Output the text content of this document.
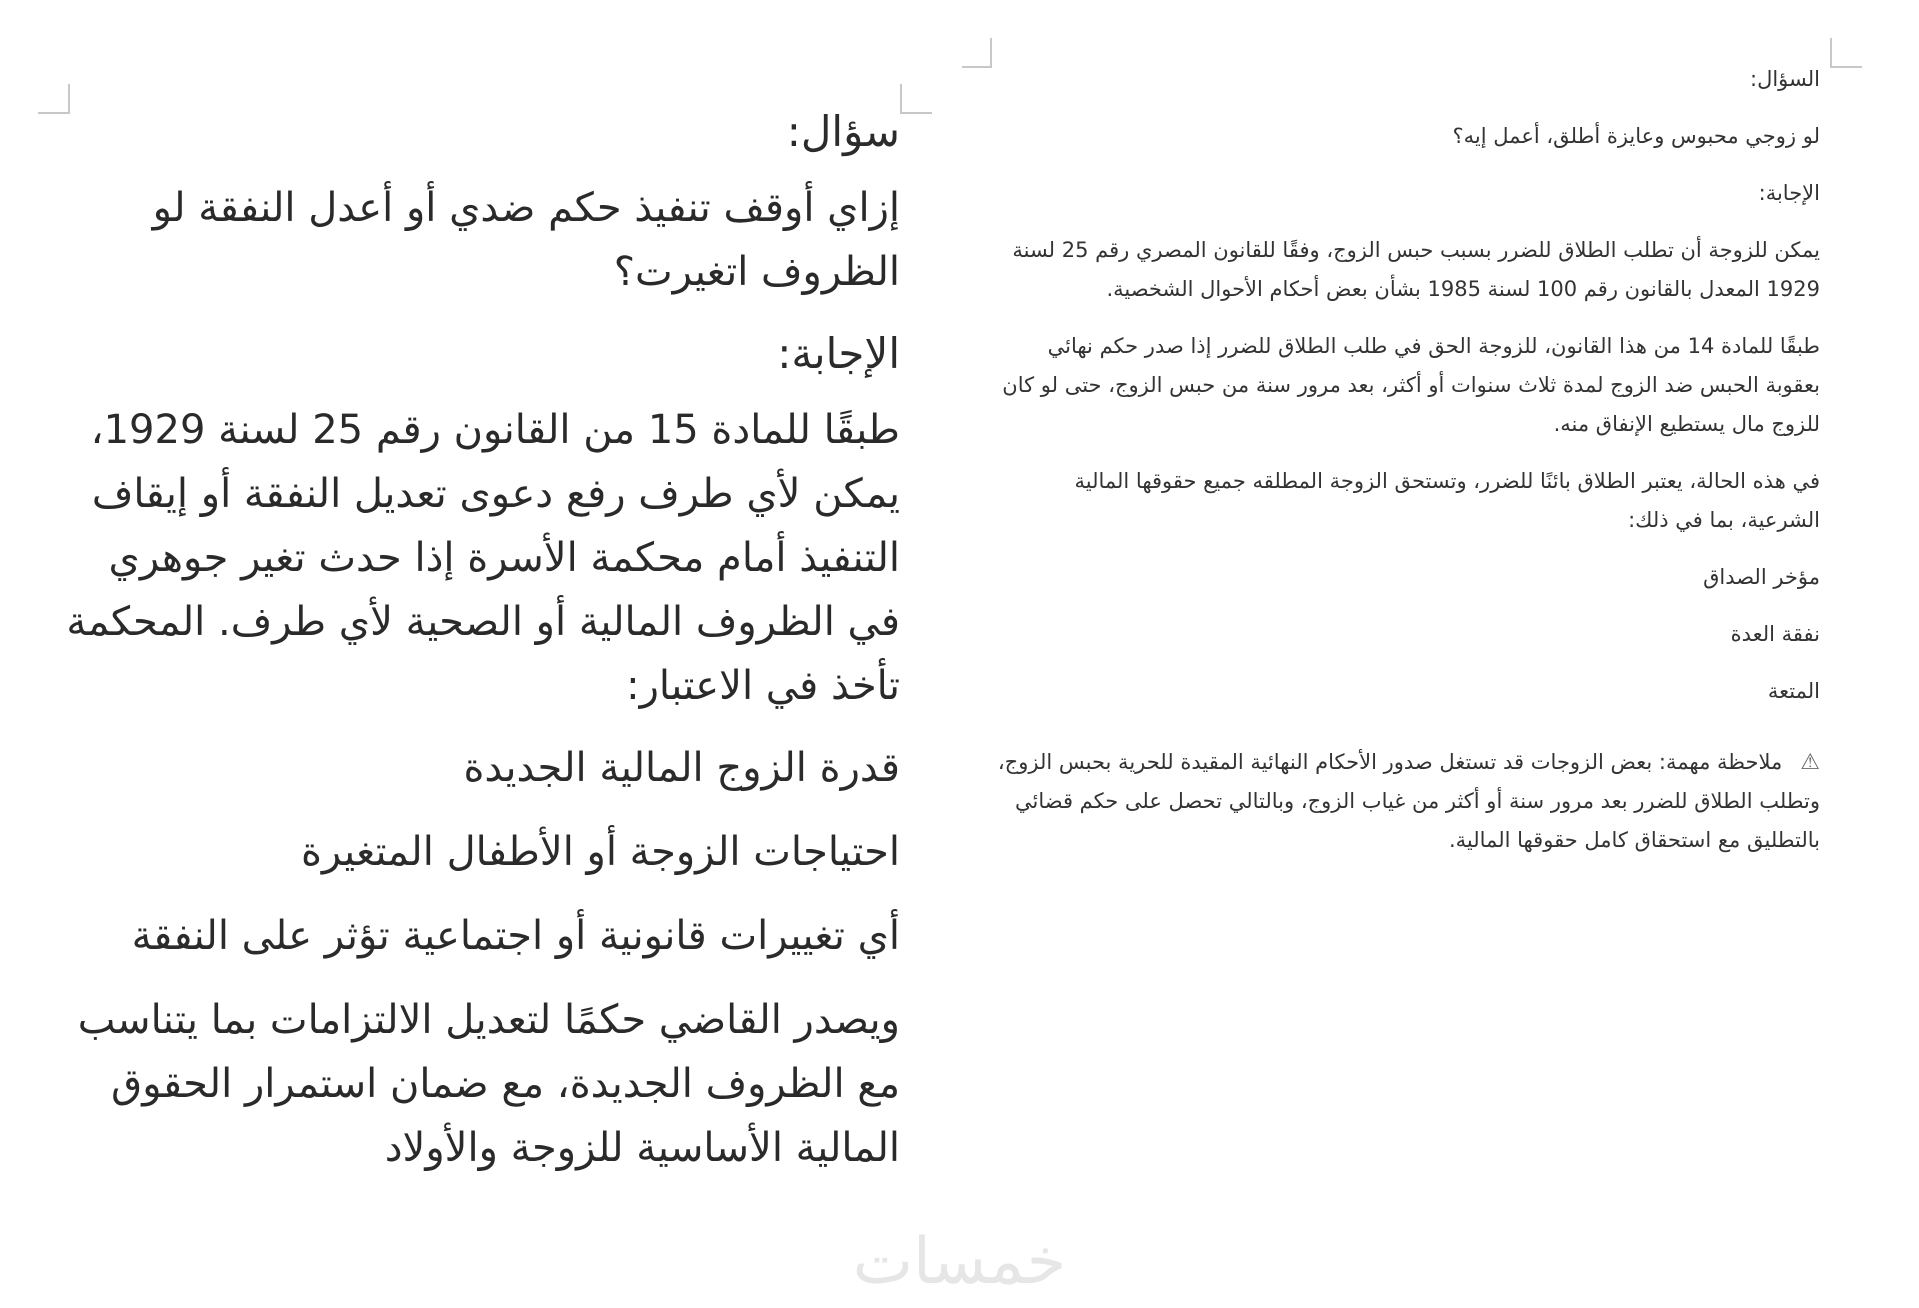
سؤال:
إزاي أوقف تنفيذ حكم ضدي أو أعدل النفقة لو الظروف اتغيرت؟
الإجابة:
طبقًا للمادة 15 من القانون رقم 25 لسنة 1929، يمكن لأي طرف رفع دعوى تعديل النفقة أو إيقاف التنفيذ أمام محكمة الأسرة إذا حدث تغير جوهري في الظروف المالية أو الصحية لأي طرف. المحكمة تأخذ في الاعتبار:
قدرة الزوج المالية الجديدة
احتياجات الزوجة أو الأطفال المتغيرة
أي تغييرات قانونية أو اجتماعية تؤثر على النفقة
ويصدر القاضي حكمًا لتعديل الالتزامات بما يتناسب مع الظروف الجديدة، مع ضمان استمرار الحقوق المالية الأساسية للزوجة والأولاد
السؤال:
لو زوجي محبوس وعايزة أطلق، أعمل إيه؟
الإجابة:
يمكن للزوجة أن تطلب الطلاق للضرر بسبب حبس الزوج، وفقًا للقانون المصري رقم 25 لسنة 1929 المعدل بالقانون رقم 100 لسنة 1985 بشأن بعض أحكام الأحوال الشخصية.
طبقًا للمادة 14 من هذا القانون، للزوجة الحق في طلب الطلاق للضرر إذا صدر حكم نهائي بعقوبة الحبس ضد الزوج لمدة ثلاث سنوات أو أكثر، بعد مرور سنة من حبس الزوج، حتى لو كان للزوج مال يستطيع الإنفاق منه.
في هذه الحالة، يعتبر الطلاق بائنًا للضرر، وتستحق الزوجة المطلقه جميع حقوقها المالية الشرعية، بما في ذلك:
مؤخر الصداق
نفقة العدة
المتعة
⚠ملاحظة مهمة: بعض الزوجات قد تستغل صدور الأحكام النهائية المقيدة للحرية بحبس الزوج، وتطلب الطلاق للضرر بعد مرور سنة أو أكثر من غياب الزوج، وبالتالي تحصل على حكم قضائي بالتطليق مع استحقاق كامل حقوقها المالية.
خمسات
